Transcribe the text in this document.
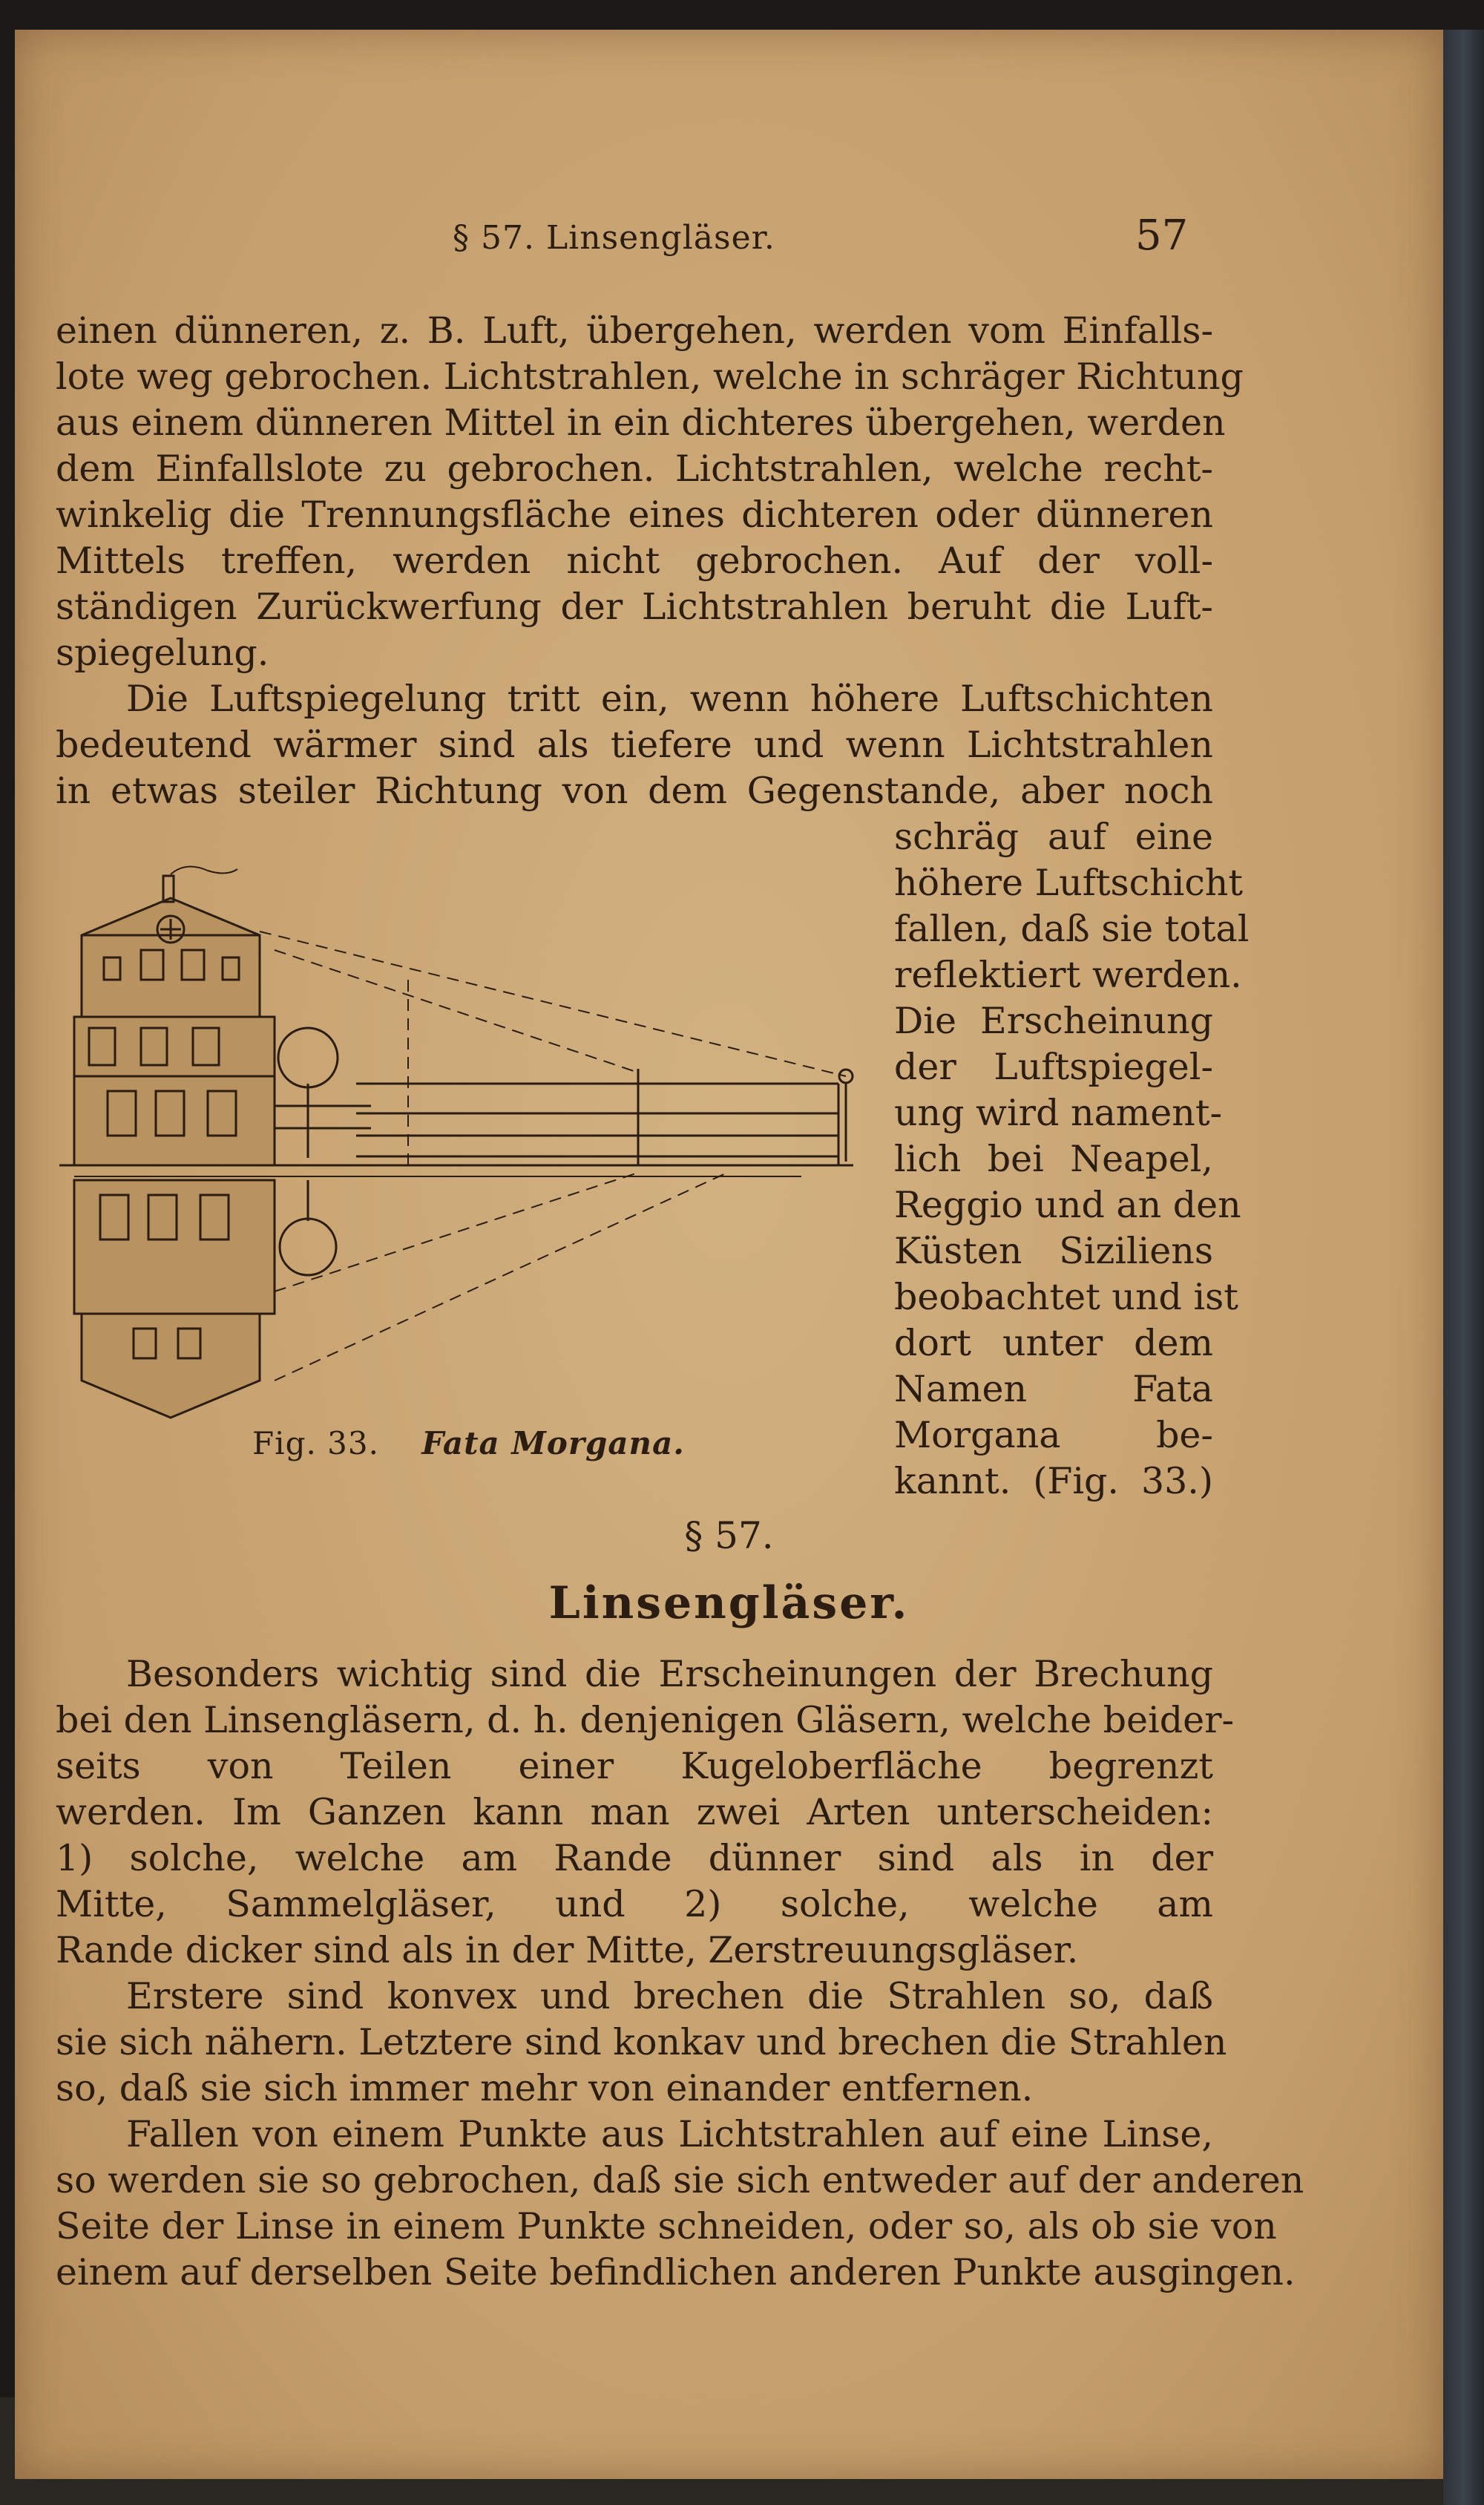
§ 57. Linsengläser.	57
einen dünneren, z. B. Luft, übergehen, werden vom Einfalls-
lote weg gebrochen. Lichtstrahlen, welche in schräger Richtung
aus einem dünneren Mittel in ein dichteres übergehen, werden
dem Einfallslote zu gebrochen. Lichtstrahlen, welche recht-
winkelig die Trennungsfläche eines dichteren oder dünneren
Mittels treffen, werden nicht gebrochen. Auf der voll-
ständigen Zurückwerfung der Lichtstrahlen beruht die Luft-
spiegelung.
Die Luftspiegelung tritt ein, wenn höhere Luftschichten
bedeutend wärmer sind als tiefere und wenn Lichtstrahlen
in etwas steiler Richtung von dem Gegenstande, aber noch
schräg auf eine
höhere Luftschicht
fallen, daß sie total
reflektiert werden.
Die Erscheinung
der Luftspiegel-
ung wird nament-
lich bei Neapel,
Reggio und an den
Küsten Siziliens
beobachtet und ist
dort unter dem
Namen Fata
Morgana be-
kannt. (Fig. 33.)
Fig. 33. Fata Morgana.
§ 57.
Linsengläser.
Besonders wichtig sind die Erscheinungen der Brechung
bei den Linsengläsern, d. h. denjenigen Gläsern, welche beider-
seits von Teilen einer Kugeloberfläche begrenzt
werden. Im Ganzen kann man zwei Arten unterscheiden:
1) solche, welche am Rande dünner sind als in der
Mitte, Sammelgläser, und 2) solche, welche am
Rande dicker sind als in der Mitte, Zerstreuungsgläser.
Erstere sind konvex und brechen die Strahlen so, daß
sie sich nähern. Letztere sind konkav und brechen die Strahlen
so, daß sie sich immer mehr von einander entfernen.
Fallen von einem Punkte aus Lichtstrahlen auf eine Linse,
so werden sie so gebrochen, daß sie sich entweder auf der anderen
Seite der Linse in einem Punkte schneiden, oder so, als ob sie von
einem auf derselben Seite befindlichen anderen Punkte ausgingen.
